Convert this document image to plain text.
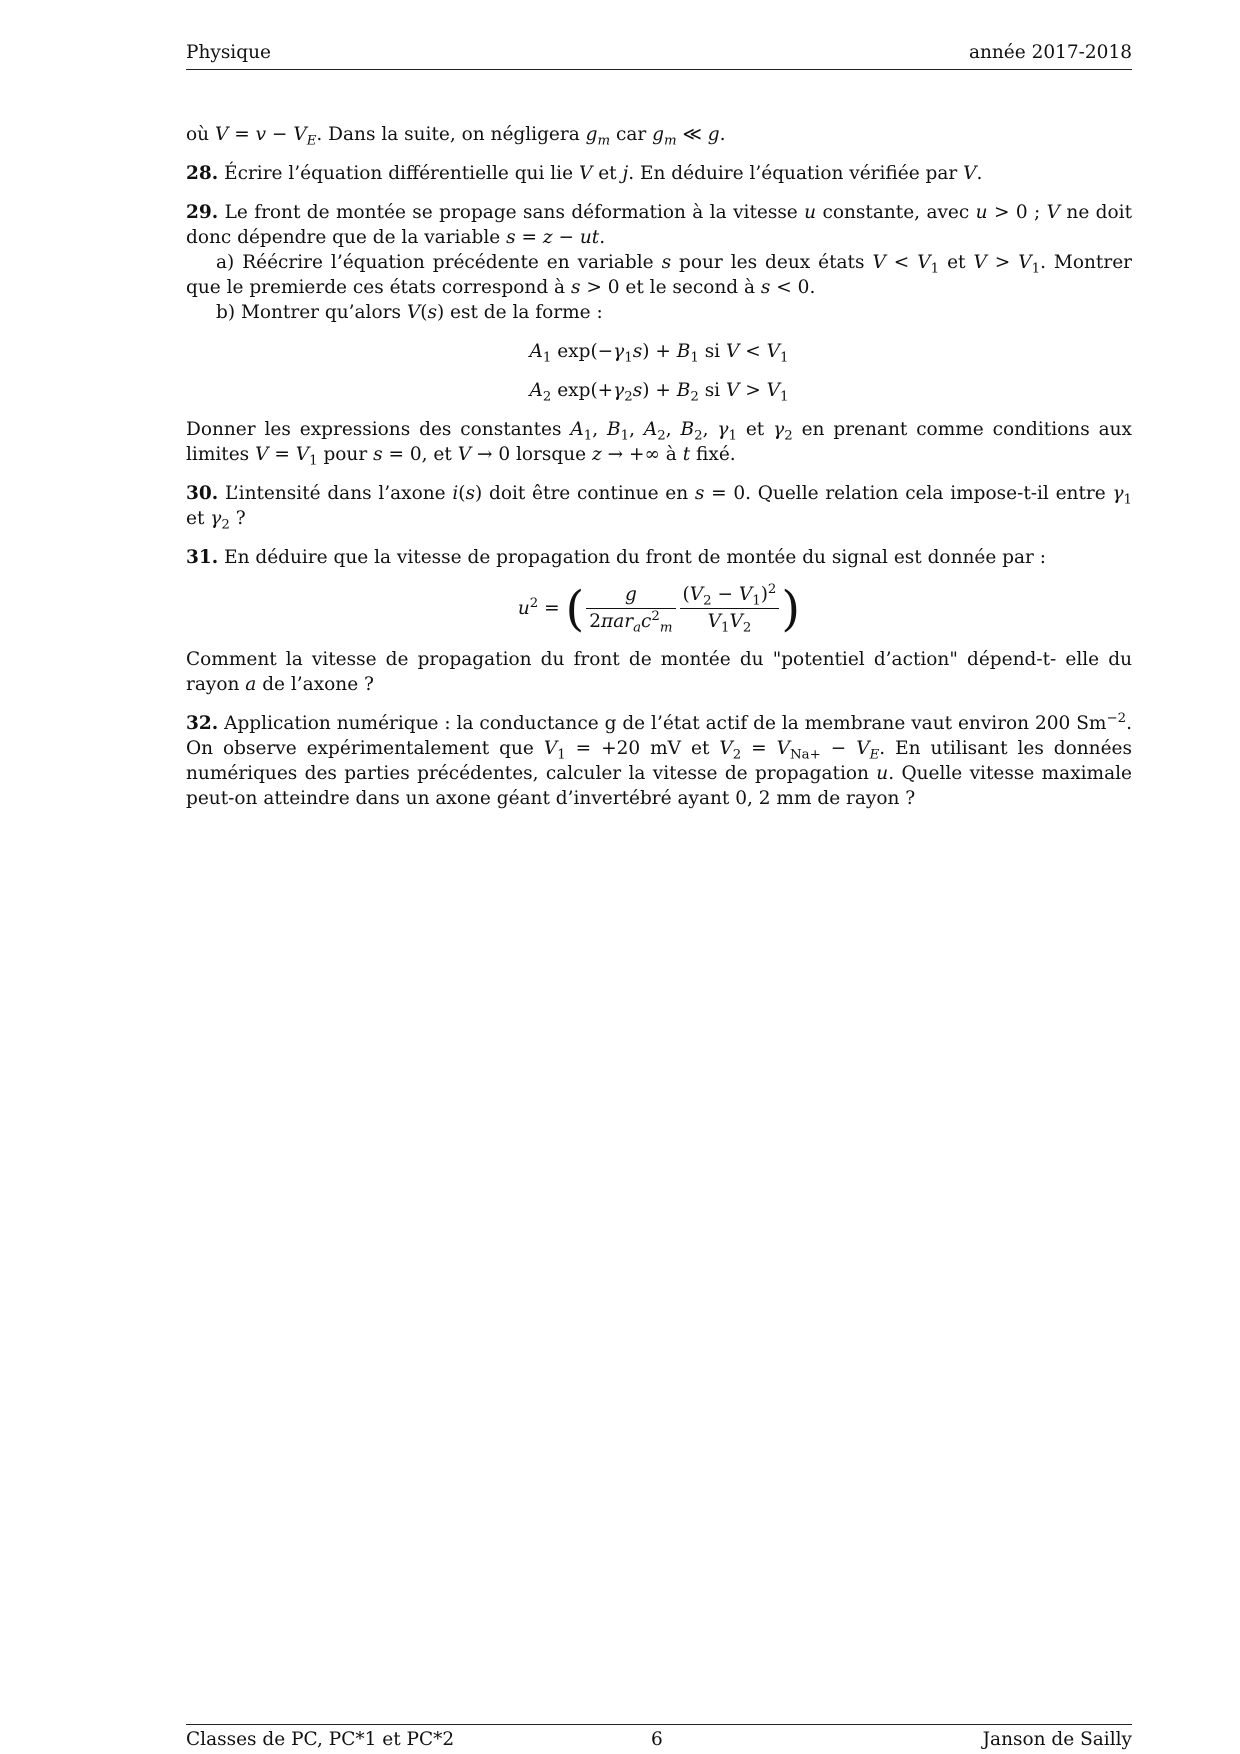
Physique	année 2017-2018

où $V = v - V_E$. Dans la suite, on négligera $g_m$ car $g_m$ ≪ g.

28. Écrire l’équation différentielle qui lie V et j. En déduire l’équation vérifiée par V.

29. Le front de montée se propage sans déformation à la vitesse u constante, avec u > 0 ; V ne doit donc dépendre que de la variable s = z − ut.

a) Réécrire l’équation précédente en variable s pour les deux états $V < V_1$ et $V > V_1$. Montrer que le premierde ces états correspond à s > 0 et le second à s < 0.

b) Montrer qu’alors V(s) est de la forme :

$A_1$ $\exp(-\gamma_1s) + B_1$ si $V < V_1$
$A_2$ $\exp(+\gamma_2s) + B_2$ si $V > V_1$

Donner les expressions des constantes $A_1$, $B_1$, $A_2$, $B_2$, $\gamma_1$ et $\gamma_2$ en prenant comme conditions aux limites $V = V_1$ pour s = 0, et V → 0 lorsque z → +∞ à t fixé.

30. L’intensité dans l’axone i(s) doit être continue en s = 0. Quelle relation cela impose-t-il entre $\gamma_1$ et $\gamma_2$ ?

31. En déduire que la vitesse de propagation du front de montée du signal est donnée par :

$u^2$ = ( $\frac{g}{2\pi ar_ac^2_m} \frac{(V_2 - V_1)^2}{V_1V_2}$ )

Comment la vitesse de propagation du front de montée du "potentiel d’action" dépend-t- elle du rayon a de l’axone ?

32. Application numérique : la conductance g de l’état actif de la membrane vaut environ 200 $Sm^{-2}$. On observe expérimentalement que $V_1 = +20$ mV et $V_2 = V_{Na+} - V_E$. En utilisant les données numériques des parties précédentes, calculer la vitesse de propagation u. Quelle vitesse maximale peut-on atteindre dans un axone géant d’invertébré ayant 0, 2 mm de rayon ?

Classes de PC, PC*1 et PC*2	6	Janson de Sailly
